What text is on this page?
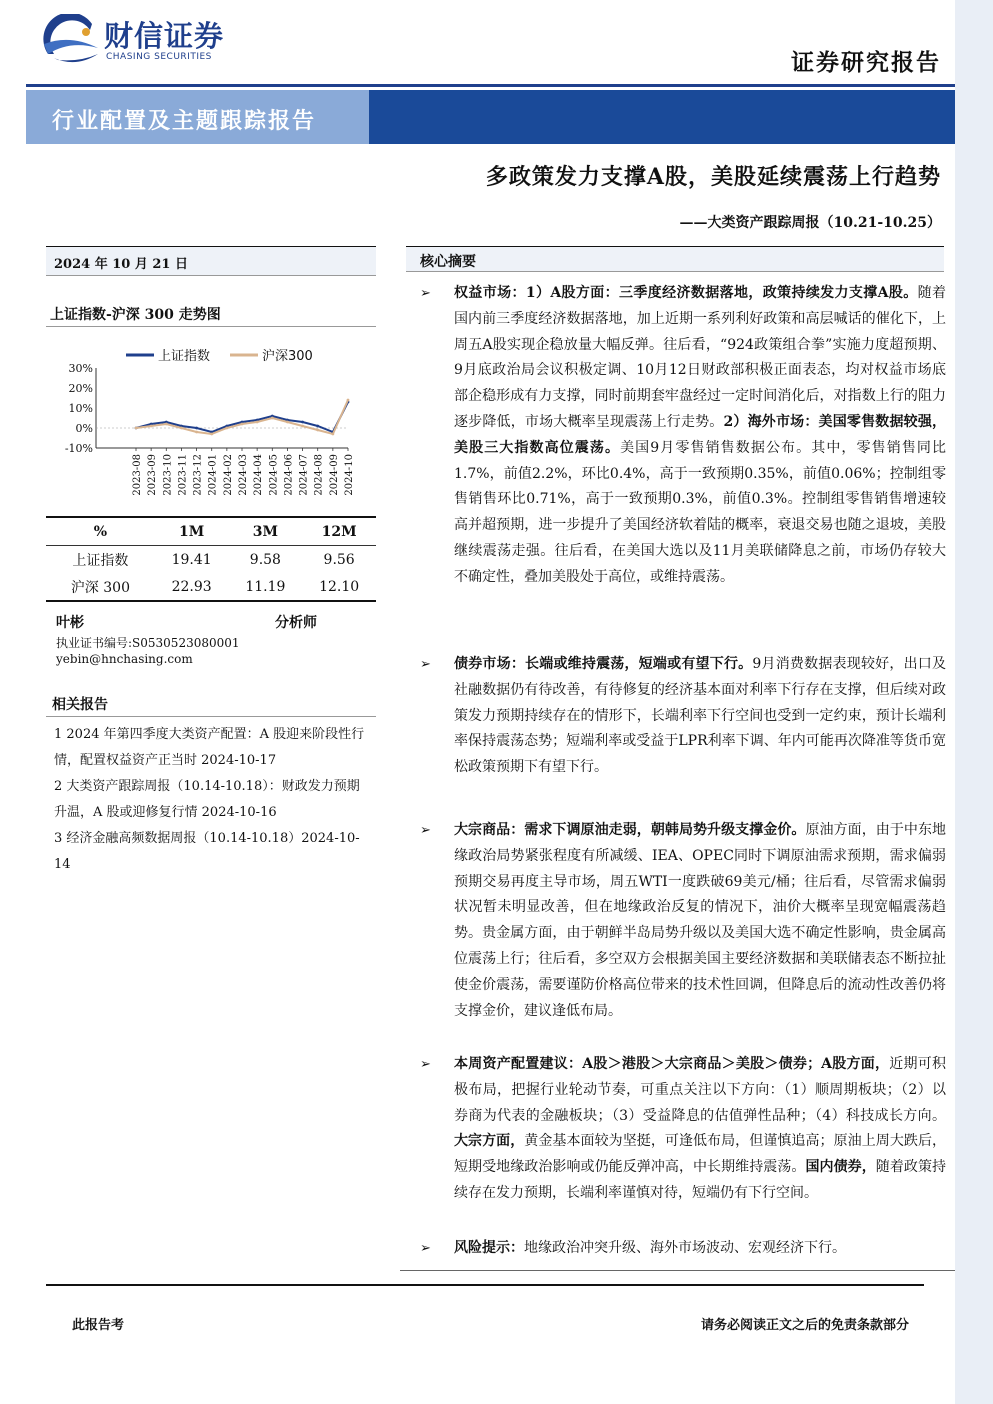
财信证券
CHASING SECURITIES	证券研究报告
行业配置及主题跟踪报告
多政策发力支撑A股，美股延续震荡上行趋势
——大类资产跟踪周报（10.21-10.25）
2024 年 10 月 21 日
上证指数-沪深 300 走势图
上证指数	沪深300
30%
20%
10%
0%
-10%
2023-08 2023-09 2023-10 2023-11 2023-12 2024-01 2024-02 2024-03 2024-04 2024-05 2024-06 2024-07 2024-08 2024-09 2024-10
%	1M	3M	12M
上证指数	19.41	9.58	9.56
沪深 300	22.93	11.19	12.10
叶彬	分析师
执业证书编号:S0530523080001
yebin@hnchasing.com
相关报告
1 2024 年第四季度大类资产配置：A 股迎来阶段性行情，配置权益资产正当时 2024-10-17
2 大类资产跟踪周报（10.14-10.18）：财政发力预期升温，A 股或迎修复行情 2024-10-16
3 经济金融高频数据周报（10.14-10.18）2024-10-14
核心摘要
➢ 权益市场：1）A股方面：三季度经济数据落地，政策持续发力支撑A股。随着国内前三季度经济数据落地，加上近期一系列利好政策和高层喊话的催化下，上周五A股实现企稳放量大幅反弹。往后看，“924政策组合拳”实施力度超预期、9月底政治局会议积极定调、10月12日财政部积极正面表态，均对权益市场底部企稳形成有力支撑，同时前期套牢盘经过一定时间消化后，对指数上行的阻力逐步降低，市场大概率呈现震荡上行走势。2）海外市场：美国零售数据较强，美股三大指数高位震荡。美国9月零售销售数据公布。其中，零售销售同比1.7%，前值2.2%，环比0.4%，高于一致预期0.35%，前值0.06%；控制组零售销售环比0.71%，高于一致预期0.3%，前值0.3%。控制组零售销售增速较高并超预期，进一步提升了美国经济软着陆的概率，衰退交易也随之退坡，美股继续震荡走强。往后看，在美国大选以及11月美联储降息之前，市场仍存较大不确定性，叠加美股处于高位，或维持震荡。
➢ 债券市场：长端或维持震荡，短端或有望下行。9月消费数据表现较好，出口及社融数据仍有待改善，有待修复的经济基本面对利率下行存在支撑，但后续对政策发力预期持续存在的情形下，长端利率下行空间也受到一定约束，预计长端利率保持震荡态势；短端利率或受益于LPR利率下调、年内可能再次降准等货币宽松政策预期下有望下行。
➢ 大宗商品：需求下调原油走弱，朝韩局势升级支撑金价。原油方面，由于中东地缘政治局势紧张程度有所减缓、IEA、OPEC同时下调原油需求预期，需求偏弱预期交易再度主导市场，周五WTI一度跌破69美元/桶；往后看，尽管需求偏弱状况暂未明显改善，但在地缘政治反复的情况下，油价大概率呈现宽幅震荡趋势。贵金属方面，由于朝鲜半岛局势升级以及美国大选不确定性影响，贵金属高位震荡上行；往后看，多空双方会根据美国主要经济数据和美联储表态不断拉扯使金价震荡，需要谨防价格高位带来的技术性回调，但降息后的流动性改善仍将支撑金价，建议逢低布局。
➢ 本周资产配置建议：A股＞港股＞大宗商品＞美股＞债券；A股方面，近期可积极布局，把握行业轮动节奏，可重点关注以下方向：（1）顺周期板块；（2）以券商为代表的金融板块；（3）受益降息的估值弹性品种；（4）科技成长方向。大宗方面，黄金基本面较为坚挺，可逢低布局，但谨慎追高；原油上周大跌后，短期受地缘政治影响或仍能反弹冲高，中长期维持震荡。国内债券，随着政策持续存在发力预期，长端利率谨慎对待，短端仍有下行空间。
➢ 风险提示：地缘政治冲突升级、海外市场波动、宏观经济下行。
此报告考	请务必阅读正文之后的免责条款部分
